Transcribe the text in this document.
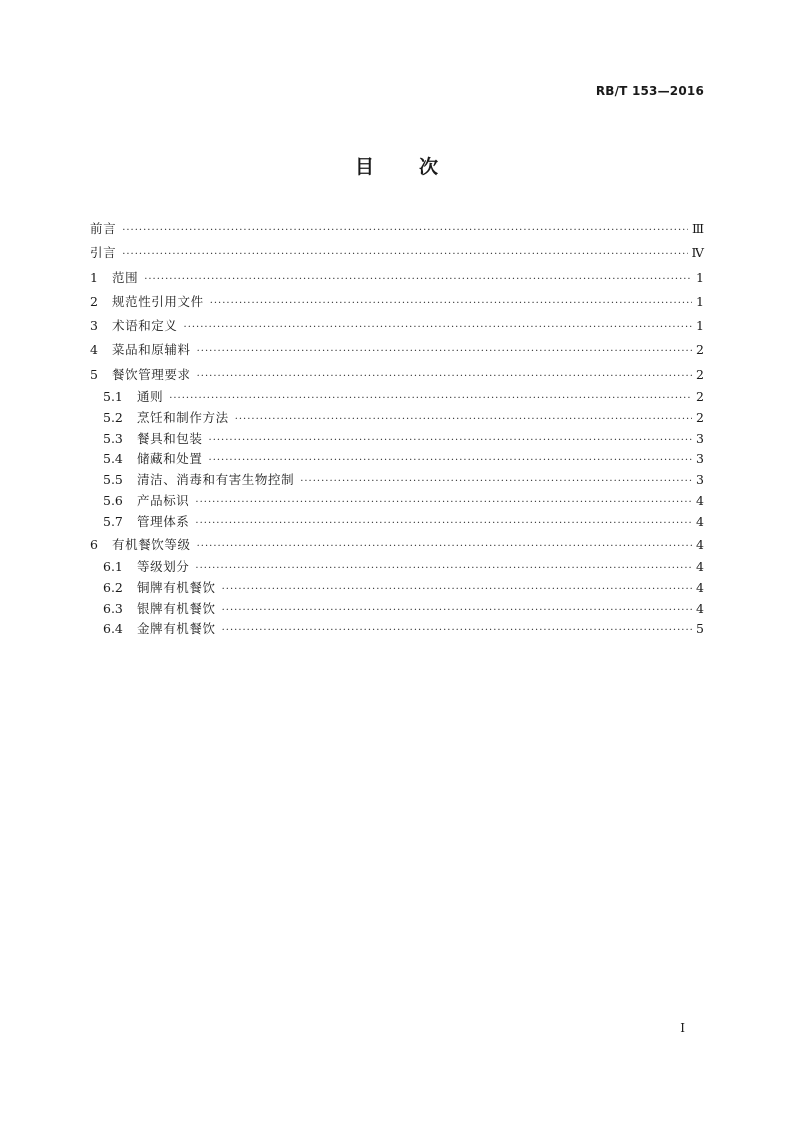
RB/T 153—2016
目 次
前言 ·····	Ⅲ
引言 ·····	Ⅳ
1	范围 ·····	1
2	规范性引用文件 ·····	1
3	术语和定义 ·····	1
4	菜品和原辅料 ·····	2
5	餐饮管理要求 ·····	2
5.1	通则 ·····	2
5.2	烹饪和制作方法 ·····	2
5.3	餐具和包装 ·····	3
5.4	储藏和处置 ·····	3
5.5	清洁、消毒和有害生物控制 ·····	3
5.6	产品标识 ·····	4
5.7	管理体系 ·····	4
6	有机餐饮等级 ·····	4
6.1	等级划分 ·····	4
6.2	铜牌有机餐饮 ·····	4
6.3	银牌有机餐饮 ·····	4
6.4	金牌有机餐饮 ·····	5
I
